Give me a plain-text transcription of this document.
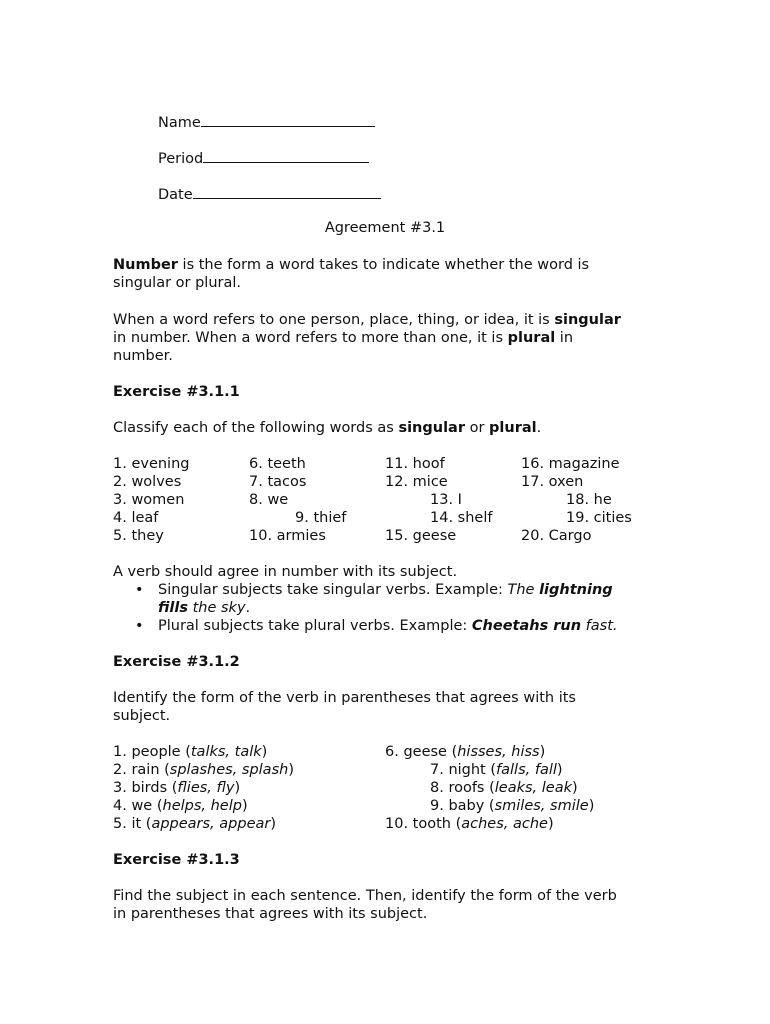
Name
Period
Date
Agreement #3.1
Number is the form a word takes to indicate whether the word is
singular or plural.
When a word refers to one person, place, thing, or idea, it is singular
in number. When a word refers to more than one, it is plural in
number.
Exercise #3.1.1
Classify each of the following words as singular or plural.
1. evening
2. wolves
3. women
4. leaf
5. they
6. teeth
7. tacos
8. we
9. thief
10. armies
11. hoof
12. mice
13. I
14. shelf
15. geese
16. magazine
17. oxen
18. he
19. cities
20. Cargo
A verb should agree in number with its subject.
• Singular subjects take singular verbs. Example: The lightning
fills the sky.
• Plural subjects take plural verbs. Example: Cheetahs run fast.
Exercise #3.1.2
Identify the form of the verb in parentheses that agrees with its
subject.
1. people (talks, talk)
2. rain (splashes, splash)
3. birds (flies, fly)
4. we (helps, help)
5. it (appears, appear)
6. geese (hisses, hiss)
7. night (falls, fall)
8. roofs (leaks, leak)
9. baby (smiles, smile)
10. tooth (aches, ache)
Exercise #3.1.3
Find the subject in each sentence. Then, identify the form of the verb
in parentheses that agrees with its subject.
